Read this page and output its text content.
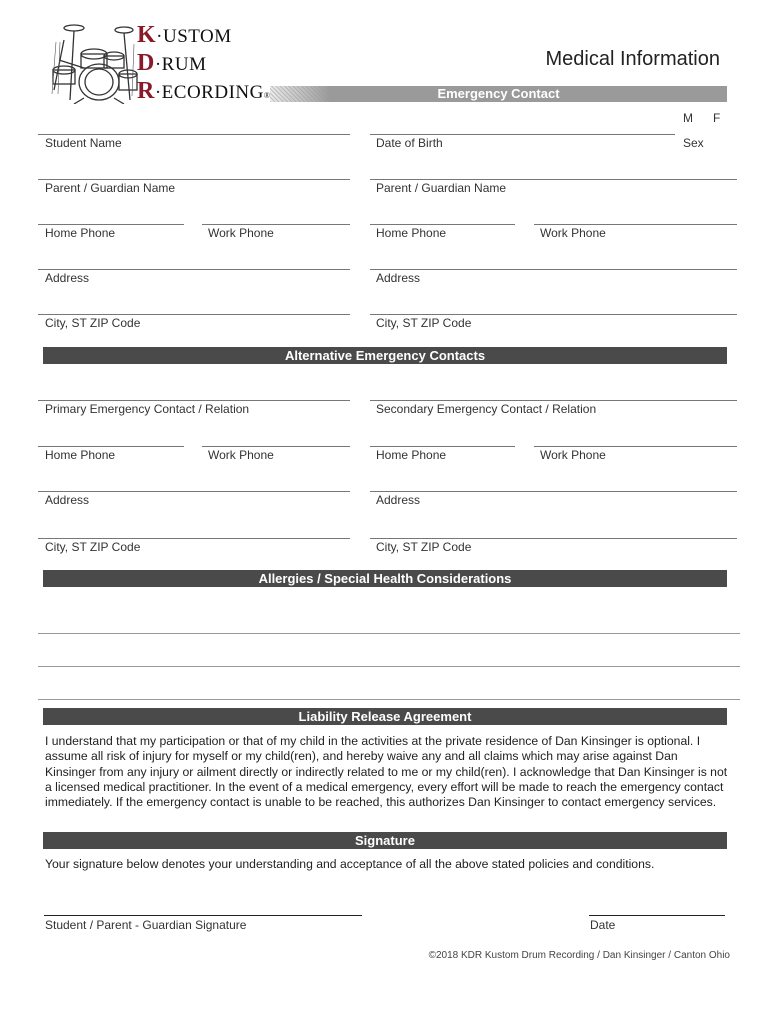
K·USTOM
D·RUM
R·ECORDING®
Medical Information
Emergency Contact
M F
Student Name	Date of Birth	Sex
Parent / Guardian Name	Parent / Guardian Name
Home Phone	Work Phone	Home Phone	Work Phone
Address	Address
City, ST ZIP Code	City, ST ZIP Code
Alternative Emergency Contacts
Primary Emergency Contact / Relation	Secondary Emergency Contact / Relation
Home Phone	Work Phone	Home Phone	Work Phone
Address	Address
City, ST ZIP Code	City, ST ZIP Code
Allergies / Special Health Considerations
Liability Release Agreement
I understand that my participation or that of my child in the activities at the private residence of Dan Kinsinger is optional. I assume all risk of injury for myself or my child(ren), and hereby waive any and all claims which may arise against Dan Kinsinger from any injury or ailment directly or indirectly related to me or my child(ren). I acknowledge that Dan Kinsinger is not a licensed medical practitioner. In the event of a medical emergency, every effort will be made to reach the emergency contact immediately. If the emergency contact is unable to be reached, this authorizes Dan Kinsinger to contact emergency services.
Signature
Your signature below denotes your understanding and acceptance of all the above stated policies and conditions.
Student / Parent - Guardian Signature	Date
©2018 KDR Kustom Drum Recording / Dan Kinsinger / Canton Ohio
